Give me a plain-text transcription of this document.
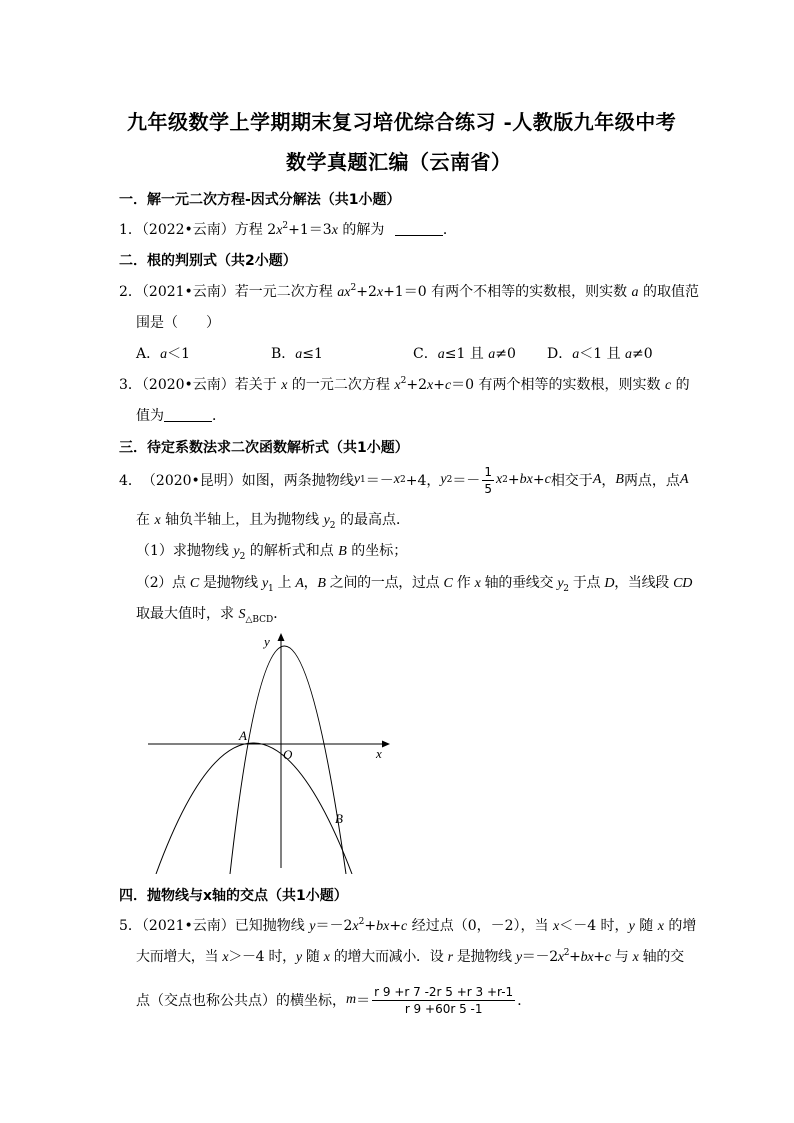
九年级数学上学期期末复习培优综合练习 -人教版九年级中考
数学真题汇编（云南省）
一．解一元二次方程-因式分解法（共1小题）
1．（2022•云南）方程 $2x^2+1=3x$ 的解为	．
二．根的判别式（共2小题）
2．（2021•云南）若一元二次方程 $ax^2+2x+1=0$ 有两个不相等的实数根，则实数 a 的取值范
围是（　　）
A．a＜1	B．a≤1	C．a≤1 且 a≠0 D．a＜1 且 a≠0
3．（2020•云南）若关于 x 的一元二次方程 $x^2+2x+c=0$ 有两个相等的实数根，则实数 c 的
值为	．
三．待定系数法求二次函数解析式（共1小题）
4． （2020•昆明）如图，两条抛物线 y 1 ＝－ x 2 +4， y $2 =- \frac{1}{5}$ x 2 + b x + c 相交于 A ， B 两点，点 A
在 x 轴负半轴上，且为抛物线 $y_2$ 的最高点．
（1）求抛物线 $y_2$ 的解析式和点 B 的坐标；
（2）点 C 是抛物线 $y_1$ 上 A，B 之间的一点，过点 C 作 x 轴的垂线交 $y_2$ 于点 D，当线段 CD
取最大值时，求 $S_{\triangle BCD}$．
y
x
O
A
B
四．抛物线与x轴的交点（共1小题）
5．（2021•云南）已知抛物线 $y=-2x^2+bx+c$ 经过点（0，－2），当 x＜－4 时，y 随 x 的增
大而增大，当 x＞－4 时，y 随 x 的增大而减小．设 r 是抛物线 $y=-2x^2+bx+c$ 与 x 轴的交
点（交点也称公共点）的横坐标， $m = \frac{r 9 +r 7 -2r 5 +r 3 +r-1}{r 9 +60r 5 -1}$ ．
